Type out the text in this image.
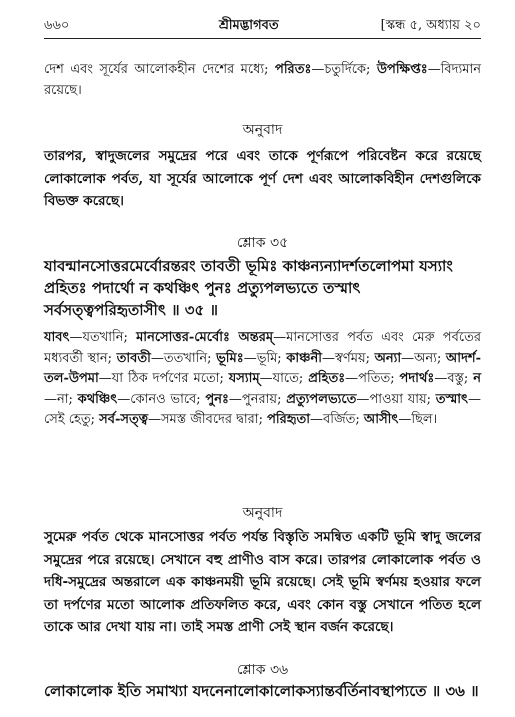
৬৬০	শ্রীমদ্ভাগবত	[স্কন্ধ ৫, অধ্যায় ২০
দেশ এবং সূর্যের আলোকহীন দেশের মধ্যে; পরিতঃ—চতুর্দিকে; উপক্ষিপ্তঃ—বিদ্যমান রয়েছে।
অনুবাদ
তারপর, স্বাদুজলের সমুদ্রের পরে এবং তাকে পূর্ণরূপে পরিবেষ্টন করে রয়েছে লোকালোক পর্বত, যা সূর্যের আলোকে পূর্ণ দেশ এবং আলোকবিহীন দেশগুলিকে বিভক্ত করেছে।
শ্লোক ৩৫
যাবন্মানসোত্তরমের্বোরন্তরং তাবতী ভূমিঃ কাঞ্চন্যন্যাদর্শতলোপমা যস্যাং প্রহিতঃ পদার্থো ন কথঞ্চিৎ পুনঃ প্রত্যুপলভ্যতে তস্মাৎ সর্বসত্ত্বপরিহৃতাসীৎ ॥ ৩৫ ॥
যাবৎ—যতখানি; মানসোত্তর-মের্বোঃ অন্তরম্—মানসোত্তর পর্বত এবং মেরু পর্বতের মধ্যবর্তী স্থান; তাবতী—ততখানি; ভূমিঃ—ভূমি; কাঞ্চনী—স্বর্ণময়; অন্যা—অন্য; আদর্শ-তল-উপমা—যা ঠিক দর্পণের মতো; যস্যাম্—যাতে; প্রহিতঃ—পতিত; পদার্থঃ—বস্তু; ন—না; কথঞ্চিৎ—কোনও ভাবে; পুনঃ—পুনরায়; প্রত্যুপলভ্যতে—পাওয়া যায়; তস্মাৎ—সেই হেতু; সর্ব-সত্ত্ব—সমস্ত জীবদের দ্বারা; পরিহৃতা—বর্জিত; আসীৎ—ছিল।
অনুবাদ
সুমেরু পর্বত থেকে মানসোত্তর পর্বত পর্যন্ত বিস্তৃতি সমন্বিত একটি ভূমি স্বাদু জলের সমুদ্রের পরে রয়েছে। সেখানে বহু প্রাণীও বাস করে। তারপর লোকালোক পর্বত ও দধি-সমুদ্রের অন্তরালে এক কাঞ্চনময়ী ভূমি রয়েছে। সেই ভূমি স্বর্ণময় হওয়ার ফলে তা দর্পণের মতো আলোক প্রতিফলিত করে, এবং কোন বস্তু সেখানে পতিত হলে তাকে আর দেখা যায় না। তাই সমস্ত প্রাণী সেই স্থান বর্জন করেছে।
শ্লোক ৩৬
লোকালোক ইতি সমাখ্যা যদনেনালোকালোকস্যান্তর্বর্তিনাবস্থাপ্যতে ॥ ৩৬ ॥
